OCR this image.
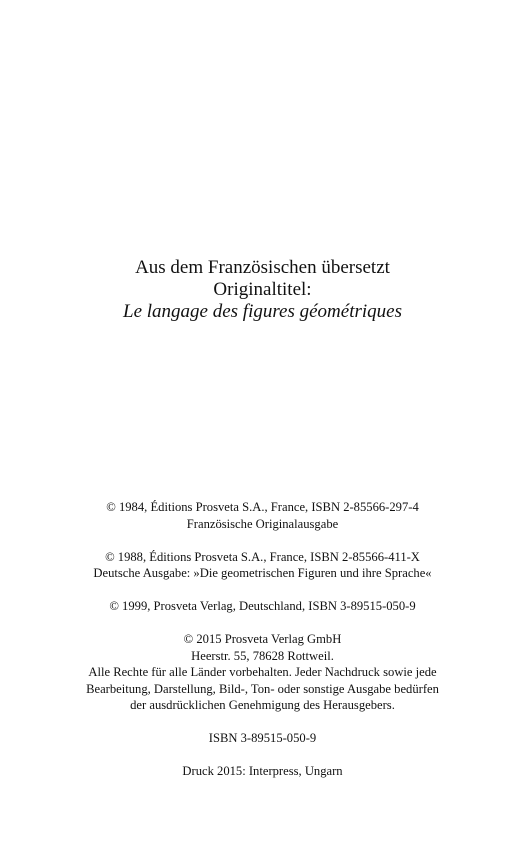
Aus dem Französischen übersetzt
Originaltitel:
Le langage des figures géométriques
© 1984, Éditions Prosveta S.A., France, ISBN 2-85566-297-4
Französische Originalausgabe
© 1988, Éditions Prosveta S.A., France, ISBN 2-85566-411-X
Deutsche Ausgabe: »Die geometrischen Figuren und ihre Sprache«
© 1999, Prosveta Verlag, Deutschland, ISBN 3-89515-050-9
© 2015 Prosveta Verlag GmbH
Heerstr. 55, 78628 Rottweil.
Alle Rechte für alle Länder vorbehalten. Jeder Nachdruck sowie jede
Bearbeitung, Darstellung, Bild-, Ton- oder sonstige Ausgabe bedürfen
der ausdrücklichen Genehmigung des Herausgebers.
ISBN 3-89515-050-9
Druck 2015: Interpress, Ungarn
